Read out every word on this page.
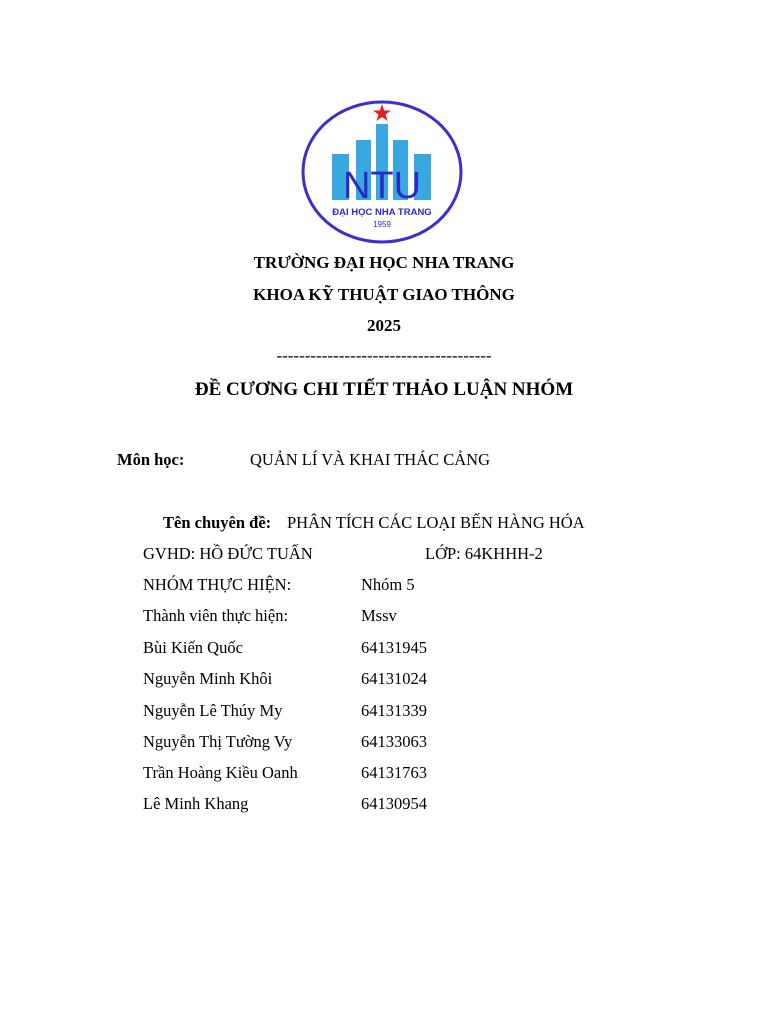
NTU
ĐẠI HỌC NHA TRANG
1959
TRƯỜNG ĐẠI HỌC NHA TRANG
KHOA KỸ THUẬT GIAO THÔNG
2025
--------------------------------------
ĐỀ CƯƠNG CHI TIẾT THẢO LUẬN NHÓM
Môn học:	QUẢN LÍ VÀ KHAI THÁC CẢNG
Tên chuyên đề: PHÂN TÍCH CÁC LOẠI BẾN HÀNG HÓA
GVHD: HỒ ĐỨC TUẤN	LỚP: 64KHHH-2
NHÓM THỰC HIỆN:	Nhóm 5
Thành viên thực hiện:	Mssv
Bùi Kiến Quốc	64131945
Nguyễn Minh Khôi	64131024
Nguyễn Lê Thúy My	64131339
Nguyễn Thị Tường Vy	64133063
Trần Hoàng Kiều Oanh	64131763
Lê Minh Khang	64130954
